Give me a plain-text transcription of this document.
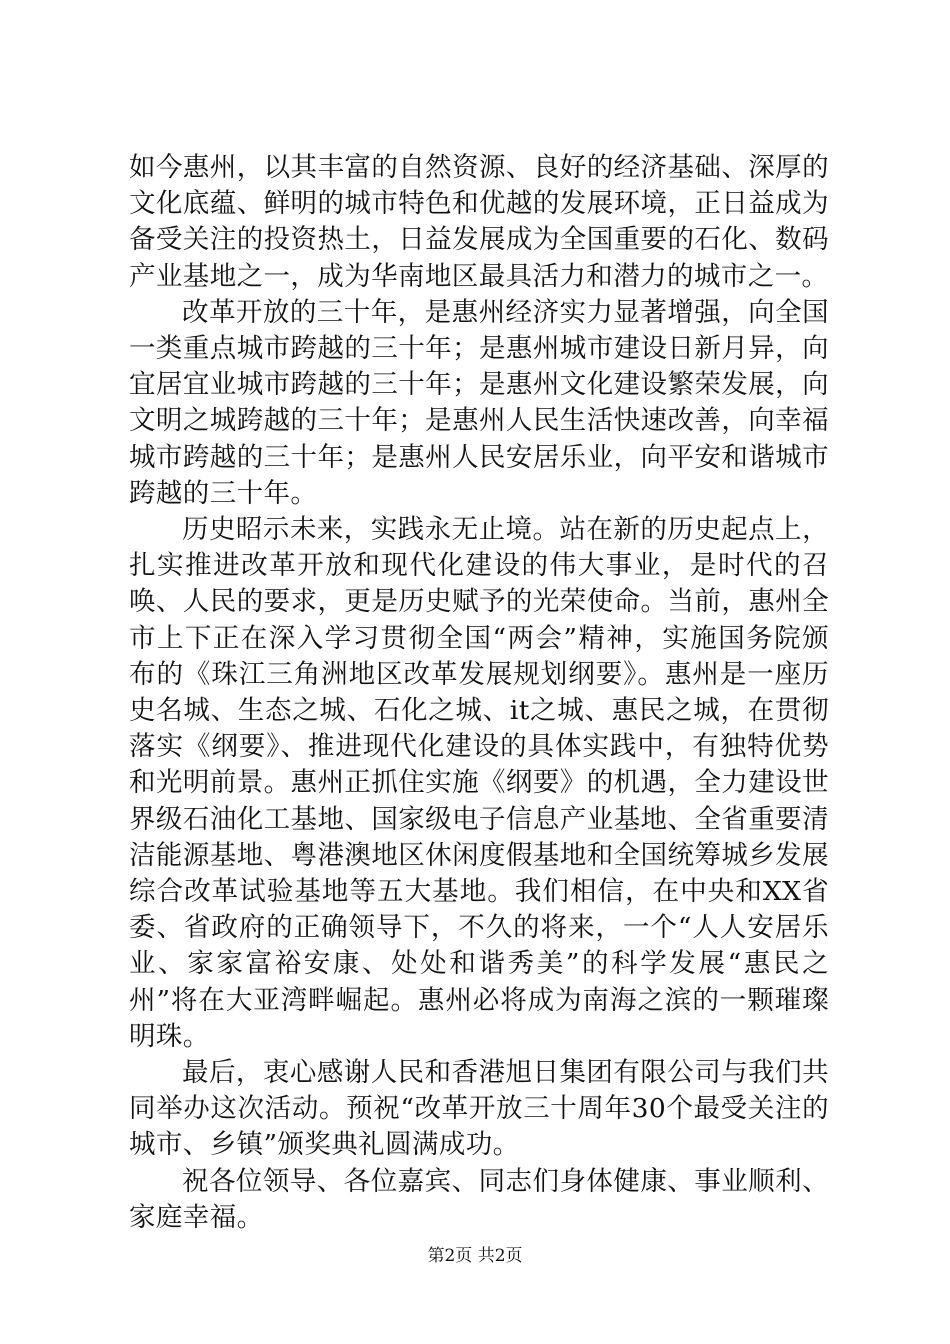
如今惠州，以其丰富的自然资源、良好的经济基础、深厚的文化底蕴、鲜明的城市特色和优越的发展环境，正日益成为备受关注的投资热土，日益发展成为全国重要的石化、数码产业基地之一，成为华南地区最具活力和潜力的城市之一。

改革开放的三十年，是惠州经济实力显著增强，向全国一类重点城市跨越的三十年；是惠州城市建设日新月异，向宜居宜业城市跨越的三十年；是惠州文化建设繁荣发展，向文明之城跨越的三十年；是惠州人民生活快速改善，向幸福城市跨越的三十年；是惠州人民安居乐业，向平安和谐城市跨越的三十年。

历史昭示未来，实践永无止境。站在新的历史起点上，扎实推进改革开放和现代化建设的伟大事业，是时代的召唤、人民的要求，更是历史赋予的光荣使命。当前，惠州全市上下正在深入学习贯彻全国“两会”精神，实施国务院颁布的《珠江三角洲地区改革发展规划纲要》。惠州是一座历史名城、生态之城、石化之城、it之城、惠民之城，在贯彻落实《纲要》、推进现代化建设的具体实践中，有独特优势和光明前景。惠州正抓住实施《纲要》的机遇，全力建设世界级石油化工基地、国家级电子信息产业基地、全省重要清洁能源基地、粤港澳地区休闲度假基地和全国统筹城乡发展综合改革试验基地等五大基地。我们相信，在中央和XX省委、省政府的正确领导下，不久的将来，一个“人人安居乐业、家家富裕安康、处处和谐秀美”的科学发展“惠民之州”将在大亚湾畔崛起。惠州必将成为南海之滨的一颗璀璨明珠。

最后，衷心感谢人民和香港旭日集团有限公司与我们共同举办这次活动。预祝“改革开放三十周年30个最受关注的城市、乡镇”颁奖典礼圆满成功。

祝各位领导、各位嘉宾、同志们身体健康、事业顺利、家庭幸福。

第2页 共2页
